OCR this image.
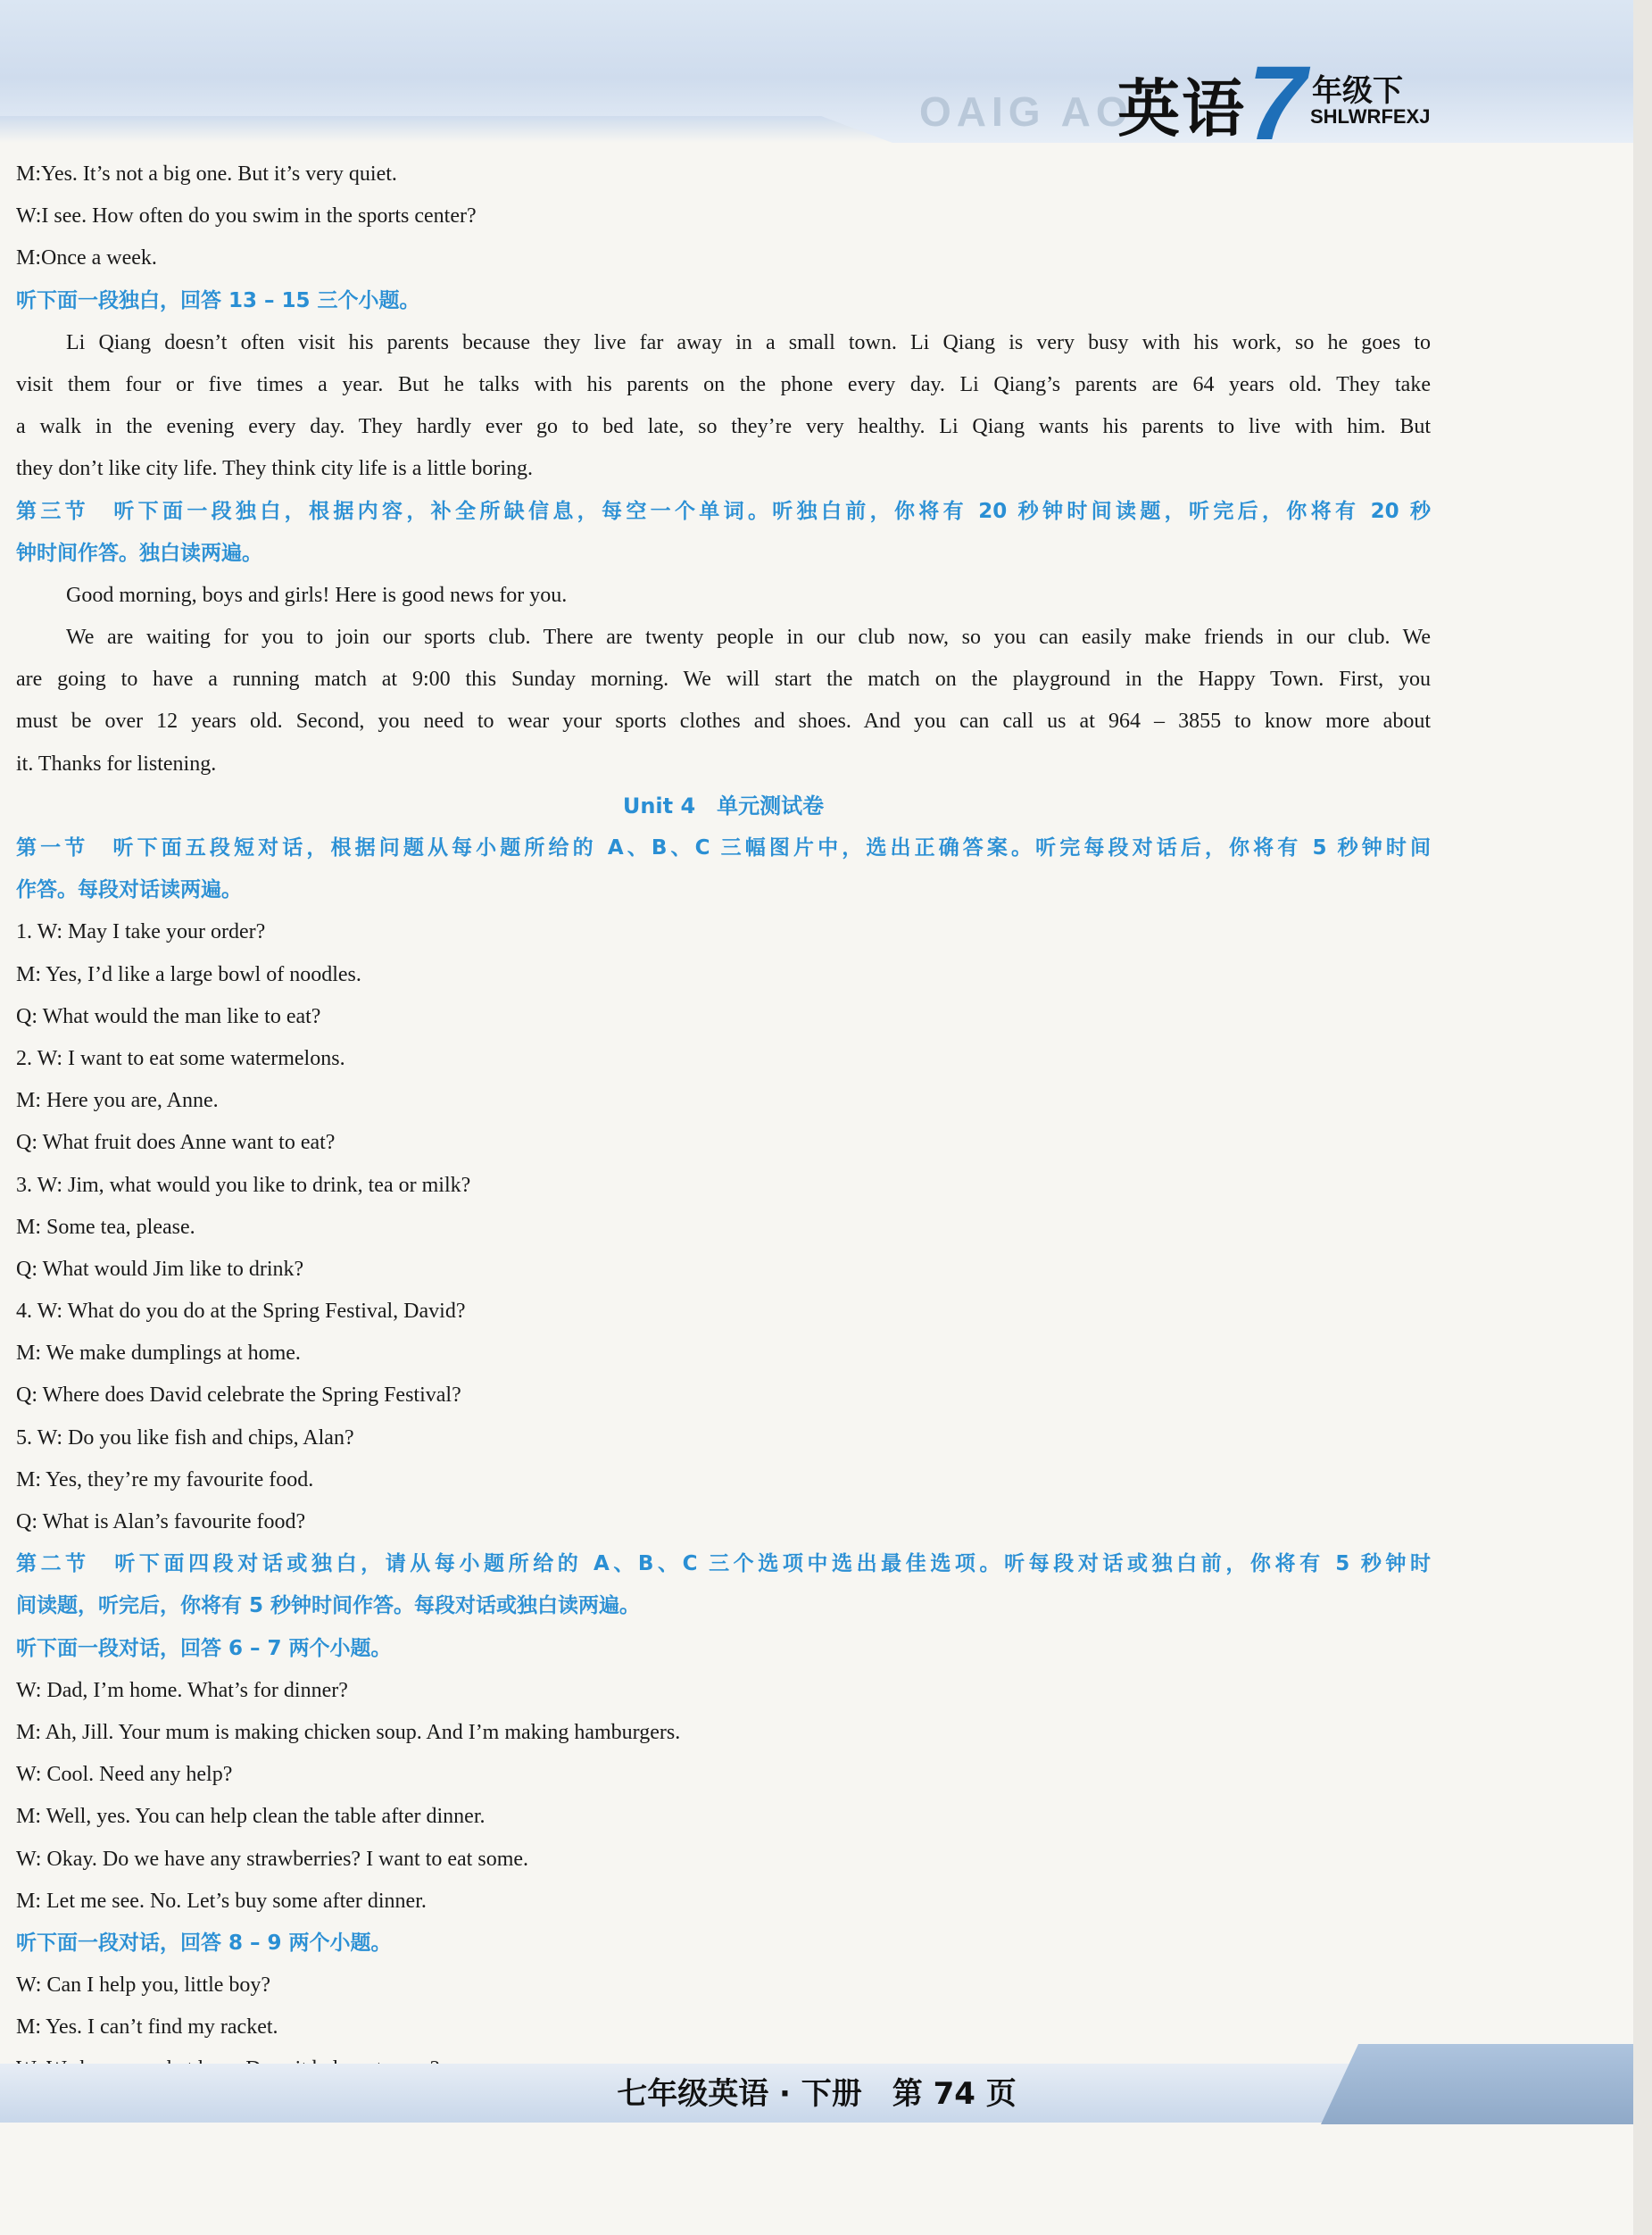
OAIG AO
英语 7 年级下
SHLWRFEXJ
M:Yes. It’s not a big one. But it’s very quiet.
W:I see. How often do you swim in the sports center?
M:Once a week.
听下面一段独白，回答 13 – 15 三个小题。
Li Qiang doesn’t often visit his parents because they live far away in a small town. Li Qiang is very busy with his work, so he goes to
visit them four or five times a year. But he talks with his parents on the phone every day. Li Qiang’s parents are 64 years old. They take
a walk in the evening every day. They hardly ever go to bed late, so they’re very healthy. Li Qiang wants his parents to live with him. But
they don’t like city life. They think city life is a little boring.
第三节　听下面一段独白，根据内容，补全所缺信息，每空一个单词。听独白前，你将有 20 秒钟时间读题，听完后，你将有 20 秒
钟时间作答。独白读两遍。
Good morning, boys and girls! Here is good news for you.
We are waiting for you to join our sports club. There are twenty people in our club now, so you can easily make friends in our club. We
are going to have a running match at 9:00 this Sunday morning. We will start the match on the playground in the Happy Town. First, you
must be over 12 years old. Second, you need to wear your sports clothes and shoes. And you can call us at 964 – 3855 to know more about
it. Thanks for listening.
Unit 4　单元测试卷
第一节　听下面五段短对话，根据问题从每小题所给的 A、B、C 三幅图片中，选出正确答案。听完每段对话后，你将有 5 秒钟时间
作答。每段对话读两遍。
1. W: May I take your order?
M: Yes, I’d like a large bowl of noodles.
Q: What would the man like to eat?
2. W: I want to eat some watermelons.
M: Here you are, Anne.
Q: What fruit does Anne want to eat?
3. W: Jim, what would you like to drink, tea or milk?
M: Some tea, please.
Q: What would Jim like to drink?
4. W: What do you do at the Spring Festival, David?
M: We make dumplings at home.
Q: Where does David celebrate the Spring Festival?
5. W: Do you like fish and chips, Alan?
M: Yes, they’re my favourite food.
Q: What is Alan’s favourite food?
第二节　听下面四段对话或独白，请从每小题所给的 A、B、C 三个选项中选出最佳选项。听每段对话或独白前，你将有 5 秒钟时
间读题，听完后，你将有 5 秒钟时间作答。每段对话或独白读两遍。
听下面一段对话，回答 6 – 7 两个小题。
W: Dad, I’m home. What’s for dinner?
M: Ah, Jill. Your mum is making chicken soup. And I’m making hamburgers.
W: Cool. Need any help?
M: Well, yes. You can help clean the table after dinner.
W: Okay. Do we have any strawberries? I want to eat some.
M: Let me see. No. Let’s buy some after dinner.
听下面一段对话，回答 8 – 9 两个小题。
W: Can I help you, little boy?
M: Yes. I can’t find my racket.
七年级英语 · 下册　第 74 页
